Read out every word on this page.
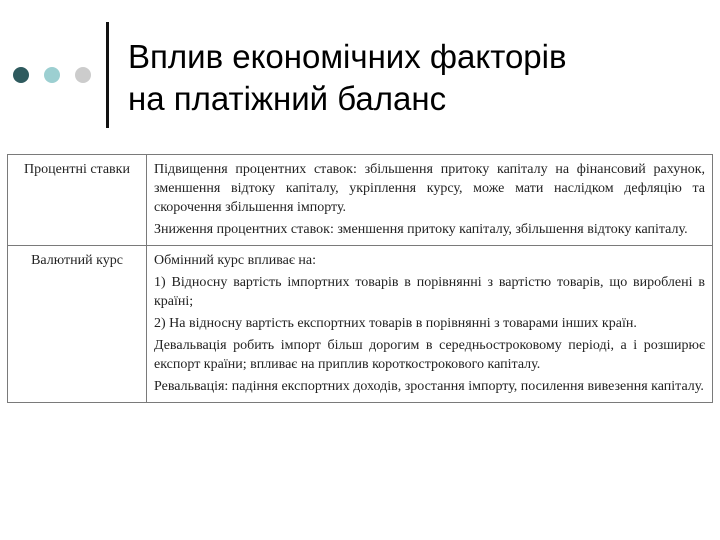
Вплив економічних факторів
на платіжний баланс
Процентні ставки	Підвищення процентних ставок: збільшення притоку капіталу на фінансовий рахунок, зменшення відтоку капіталу, укріплення курсу, може мати наслідком дефляцію та скорочення збільшення імпорту.

Зниження процентних ставок: зменшення притоку капіталу, збільшення відтоку капіталу.

Валютний курс	Обмінний курс впливає на:

1) Відносну вартість імпортних товарів в порівнянні з вартістю товарів, що вироблені в країні;

2) На відносну вартість експортних товарів в порівнянні з товарами інших країн.

Девальвація робить імпорт більш дорогим в середньостроковому періоді, а і розширює експорт країни; впливає на приплив короткострокового капіталу.

Ревальвація: падіння експортних доходів, зростання імпорту, посилення вивезення капіталу.
